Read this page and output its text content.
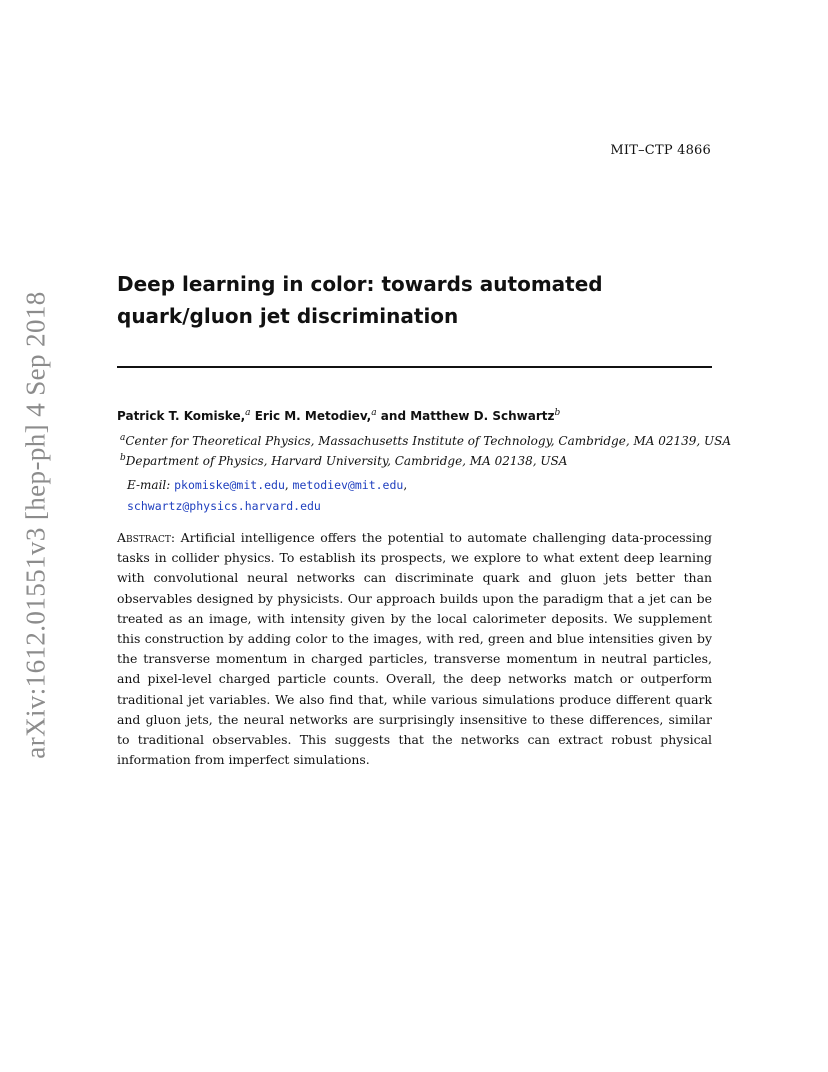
MIT–CTP 4866
arXiv:1612.01551v3 [hep-ph] 4 Sep 2018
Deep learning in color: towards automated quark/gluon jet discrimination
Patrick T. Komiske,$^a$ Eric M. Metodiev,$^a$ and Matthew D. Schwartz$^b$
$^a$Center for Theoretical Physics, Massachusetts Institute of Technology, Cambridge, MA 02139, USA
$^b$Department of Physics, Harvard University, Cambridge, MA 02138, USA
E-mail: pkomiske@mit.edu, metodiev@mit.edu,
schwartz@physics.harvard.edu

Abstract: Artificial intelligence offers the potential to automate challenging data-processing tasks in collider physics. To establish its prospects, we explore to what extent deep learning with convolutional neural networks can discriminate quark and gluon jets better than observables designed by physicists. Our approach builds upon the paradigm that a jet can be treated as an image, with intensity given by the local calorimeter deposits. We supplement this construction by adding color to the images, with red, green and blue intensities given by the transverse momentum in charged particles, transverse momentum in neutral particles, and pixel-level charged particle counts. Overall, the deep networks match or outperform traditional jet variables. We also find that, while various simulations produce different quark and gluon jets, the neural networks are surprisingly insensitive to these differences, similar to traditional observables. This suggests that the networks can extract robust physical information from imperfect simulations.
